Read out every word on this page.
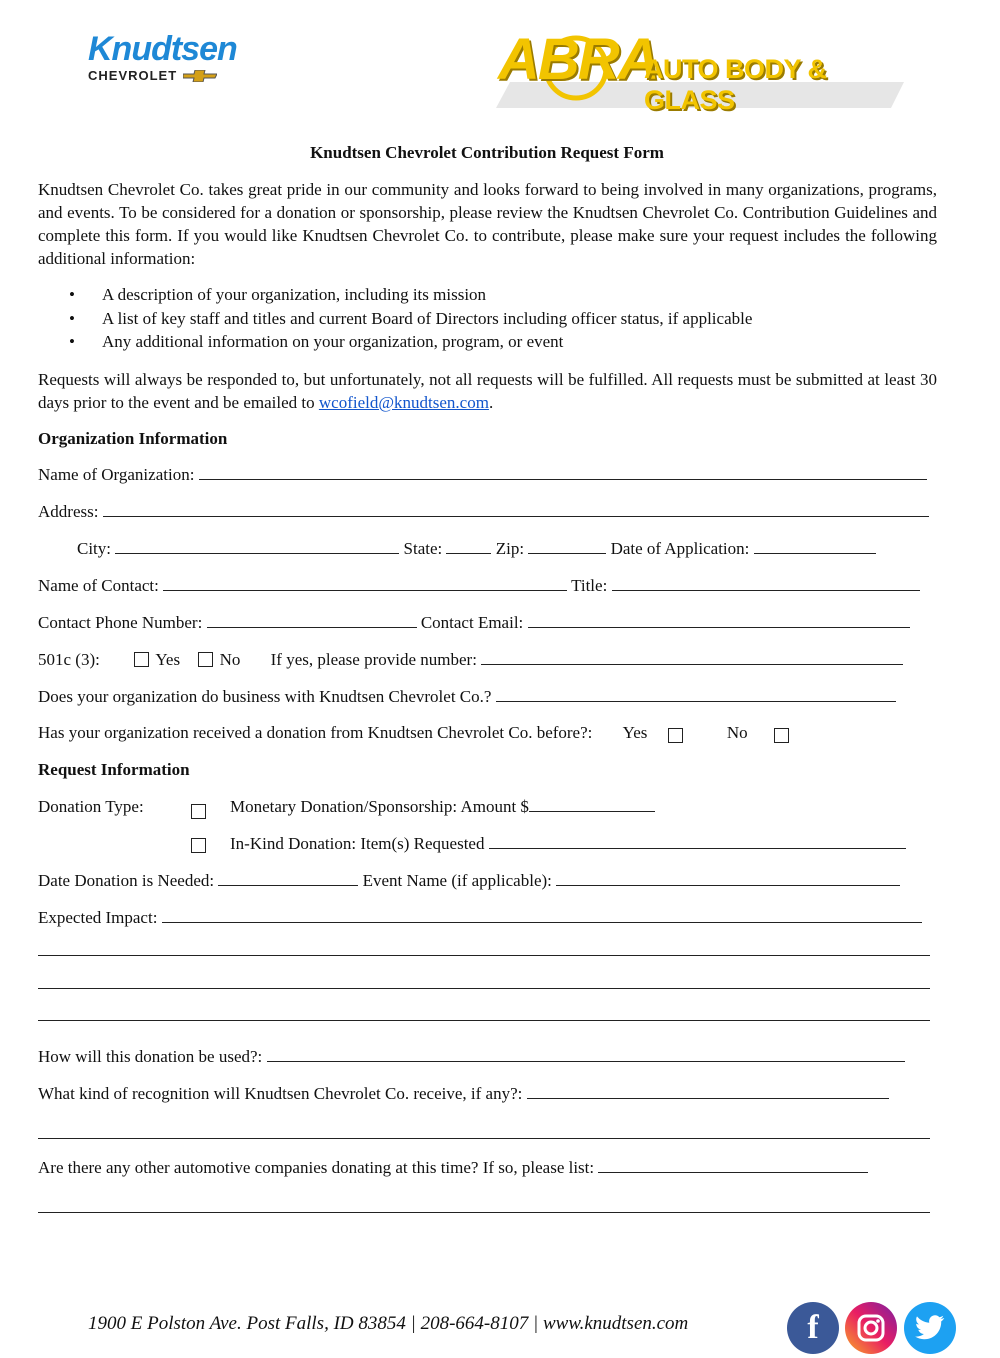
Knudtsen
CHEVROLET	ABRA
AUTO BODY & GLASS
Knudtsen Chevrolet Contribution Request Form
Knudtsen Chevrolet Co. takes great pride in our community and looks forward to being involved in many organizations, programs, and events. To be considered for a donation or sponsorship, please review the Knudtsen Chevrolet Co. Contribution Guidelines and complete this form. If you would like Knudtsen Chevrolet Co. to contribute, please make sure your request includes the following additional information:
• A description of your organization, including its mission
• A list of key staff and titles and current Board of Directors including officer status, if applicable
• Any additional information on your organization, program, or event
Requests will always be responded to, but unfortunately, not all requests will be fulfilled. All requests must be submitted at least 30 days prior to the event and be emailed to wcofield@knudtsen.com.
Organization Information
Name of Organization:
Address:
City:	State:	Zip:	Date of Application:
Name of Contact:	Title:
Contact Phone Number:	Contact Email:
501c (3):	Yes No If yes, please provide number:
Does your organization do business with Knudtsen Chevrolet Co.?
Has your organization received a donation from Knudtsen Chevrolet Co. before?: Yes	No
Request Information
Donation Type:	Monetary Donation/Sponsorship: Amount $
In-Kind Donation: Item(s) Requested
Date Donation is Needed:	Event Name (if applicable):
Expected Impact:
How will this donation be used?:
What kind of recognition will Knudtsen Chevrolet Co. receive, if any?:
Are there any other automotive companies donating at this time? If so, please list:
1900 E Polston Ave. Post Falls, ID 83854 | 208-664-8107 | www.knudtsen.com	f
